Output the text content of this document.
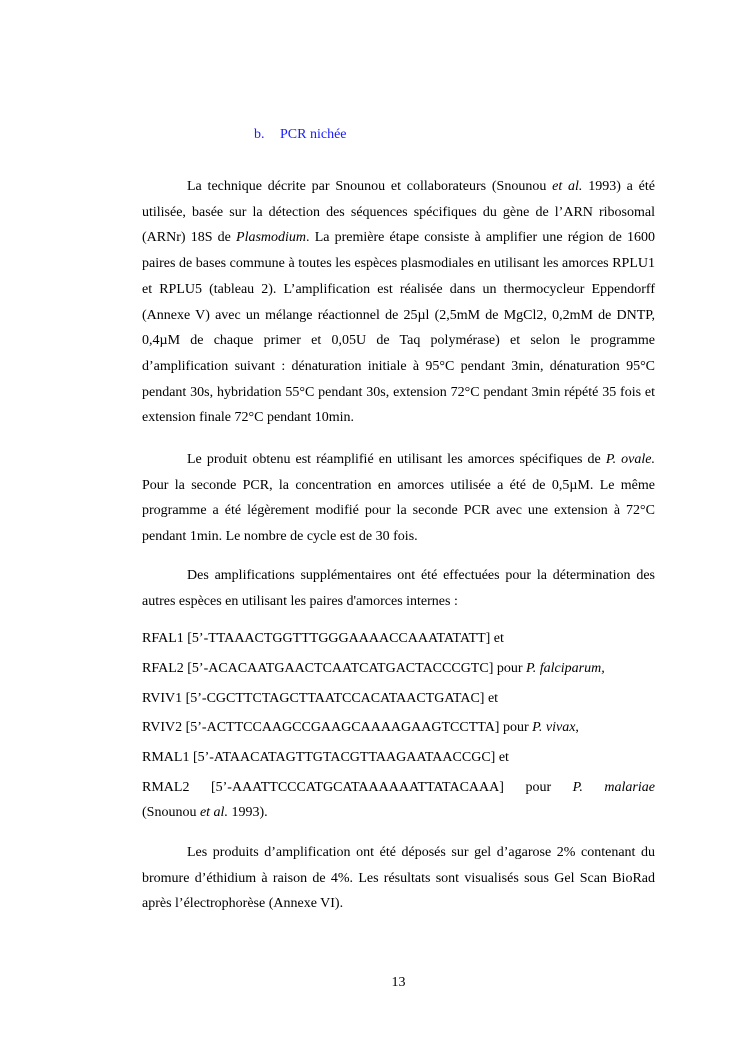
b. PCR nichée

La technique décrite par Snounou et collaborateurs (Snounou et al. 1993) a été utilisée, basée sur la détection des séquences spécifiques du gène de l’ARN ribosomal (ARNr) 18S de Plasmodium. La première étape consiste à amplifier une région de 1600 paires de bases commune à toutes les espèces plasmodiales en utilisant les amorces RPLU1 et RPLU5 (tableau 2). L’amplification est réalisée dans un thermocycleur Eppendorff (Annexe V) avec un mélange réactionnel de 25µl (2,5mM de MgCl2, 0,2mM de DNTP, 0,4µM de chaque primer et 0,05U de Taq polymérase) et selon le programme d’amplification suivant : dénaturation initiale à 95°C pendant 3min, dénaturation 95°C pendant 30s, hybridation 55°C pendant 30s, extension 72°C pendant 3min répété 35 fois et extension finale 72°C pendant 10min.

Le produit obtenu est réamplifié en utilisant les amorces spécifiques de P. ovale. Pour la seconde PCR, la concentration en amorces utilisée a été de 0,5µM. Le même programme a été légèrement modifié pour la seconde PCR avec une extension à 72°C pendant 1min. Le nombre de cycle est de 30 fois.

Des amplifications supplémentaires ont été effectuées pour la détermination des autres espèces en utilisant les paires d'amorces internes :

RFAL1 [5’-TTAAACTGGTTTGGGAAAACCAAATATATT] et
RFAL2 [5’-ACACAATGAACTCAATCATGACTACCCGTC] pour P. falciparum,
RVIV1 [5’-CGCTTCTAGCTTAATCCACATAACTGATAC] et
RVIV2 [5’-ACTTCCAAGCCGAAGCAAAAGAAGTCCTTA] pour P. vivax,
RMAL1 [5’-ATAACATAGTTGTACGTTAAGAATAACCGC] et
RMAL2 [5’-AAATTCCCATGCATAAAAAATTATACAAA] pour P. malariae
(Snounou et al. 1993).

Les produits d’amplification ont été déposés sur gel d’agarose 2% contenant du bromure d’éthidium à raison de 4%. Les résultats sont visualisés sous Gel Scan BioRad après l’électrophorèse (Annexe VI).

13
